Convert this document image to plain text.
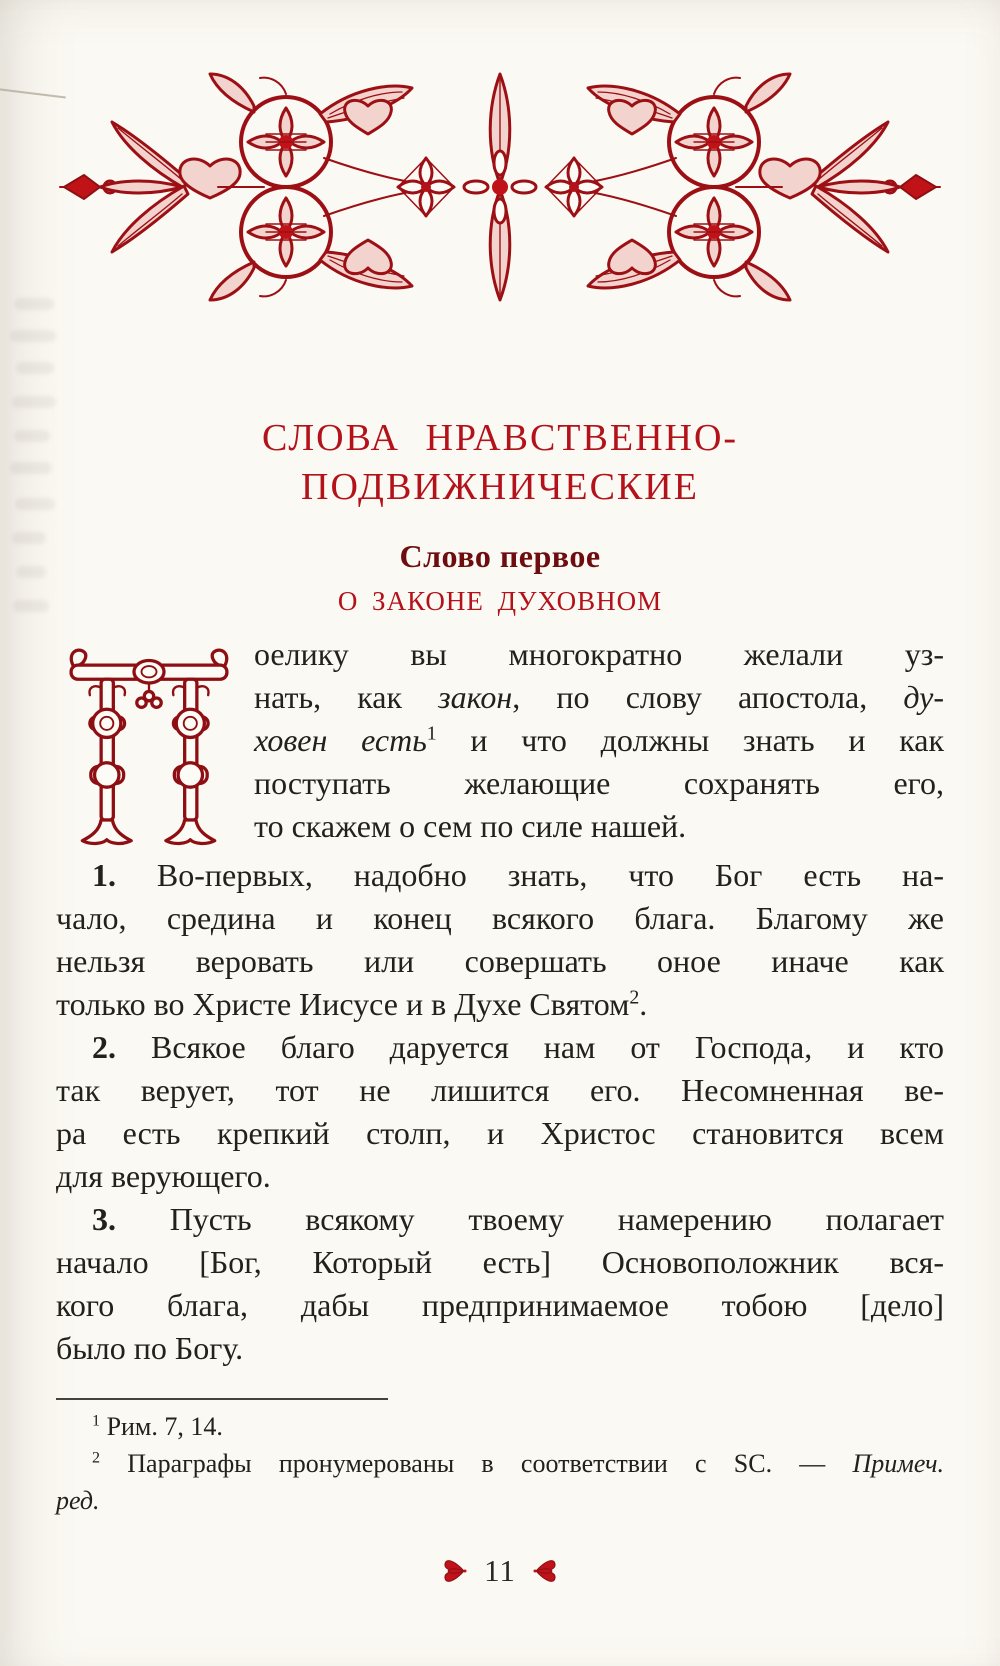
СЛОВА НРАВСТВЕННО-
ПОДВИЖНИЧЕСКИЕ
Слово первое
О ЗАКОНЕ ДУХОВНОМ
оелику вы многократно желали уз-
нать, как закон, по слову апостола, ду-
ховен есть$^1$ и что должны знать и как
поступать желающие сохранять его,
то скажем о сем по силе нашей.
1. Во-первых, надобно знать, что Бог есть на-
чало, средина и конец всякого блага. Благому же
нельзя веровать или совершать оное иначе как
только во Христе Иисусе и в Духе Святом$^2$.
2. Всякое благо даруется нам от Господа, и кто
так верует, тот не лишится его. Несомненная ве-
ра есть крепкий столп, и Христос становится всем
для верующего.
3. Пусть всякому твоему намерению полагает
начало [Бог, Который есть] Основоположник вся-
кого блага, дабы предпринимаемое тобою [дело]
было по Богу.
$^1$ Рим. 7, 14.
$^2$ Параграфы пронумерованы в соответствии с SC. — Примеч.
ред.
11
